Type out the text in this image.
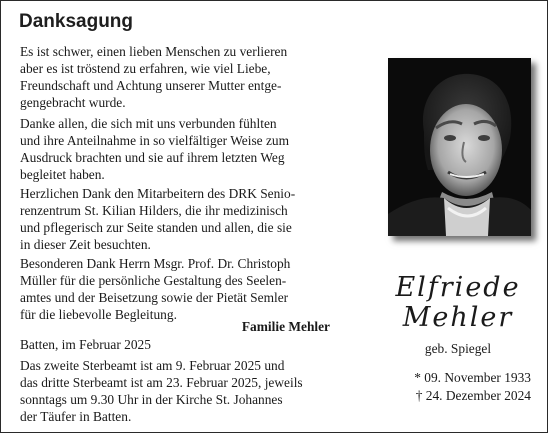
Danksagung

Es ist schwer, einen lieben Menschen zu verlieren
aber es ist tröstend zu erfahren, wie viel Liebe,
Freundschaft und Achtung unserer Mutter entge-
gengebracht wurde.

Danke allen, die sich mit uns verbunden fühlten
und ihre Anteilnahme in so vielfältiger Weise zum
Ausdruck brachten und sie auf ihrem letzten Weg
begleitet haben.

Herzlichen Dank den Mitarbeitern des DRK Senio-
renzentrum St. Kilian Hilders, die ihr medizinisch
und pflegerisch zur Seite standen und allen, die sie
in dieser Zeit besuchten.

Besonderen Dank Herrn Msgr. Prof. Dr. Christoph
Müller für die persönliche Gestaltung des Seelen-
amtes und der Beisetzung sowie der Pietät Semler
für die liebevolle Begleitung.

Familie Mehler

Batten, im Februar 2025

Das zweite Sterbeamt ist am 9. Februar 2025 und
das dritte Sterbeamt ist am 23. Februar 2025, jeweils
sonntags um 9.30 Uhr in der Kirche St. Johannes
der Täufer in Batten.

Elfriede

Mehler

geb. Spiegel

* 09. November 1933

† 24. Dezember 2024
